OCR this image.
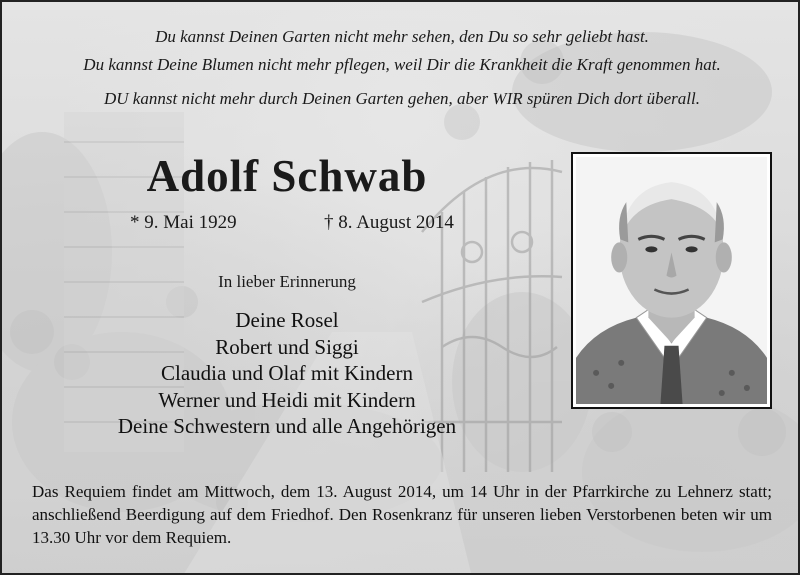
Du kannst Deinen Garten nicht mehr sehen, den Du so sehr geliebt hast.
Du kannst Deine Blumen nicht mehr pflegen, weil Dir die Krankheit die Kraft genommen hat.
DU kannst nicht mehr durch Deinen Garten gehen, aber WIR spüren Dich dort überall.
Adolf Schwab
* 9. Mai 1929	† 8. August 2014
In lieber Erinnerung
Deine Rosel
Robert und Siggi
Claudia und Olaf mit Kindern
Werner und Heidi mit Kindern
Deine Schwestern und alle Angehörigen
Das Requiem findet am Mittwoch, dem 13. August 2014, um 14 Uhr in der Pfarrkirche zu Lehnerz statt; anschließend Beerdigung auf dem Friedhof. Den Rosenkranz für unseren lieben Verstorbenen beten wir um 13.30 Uhr vor dem Requiem.
